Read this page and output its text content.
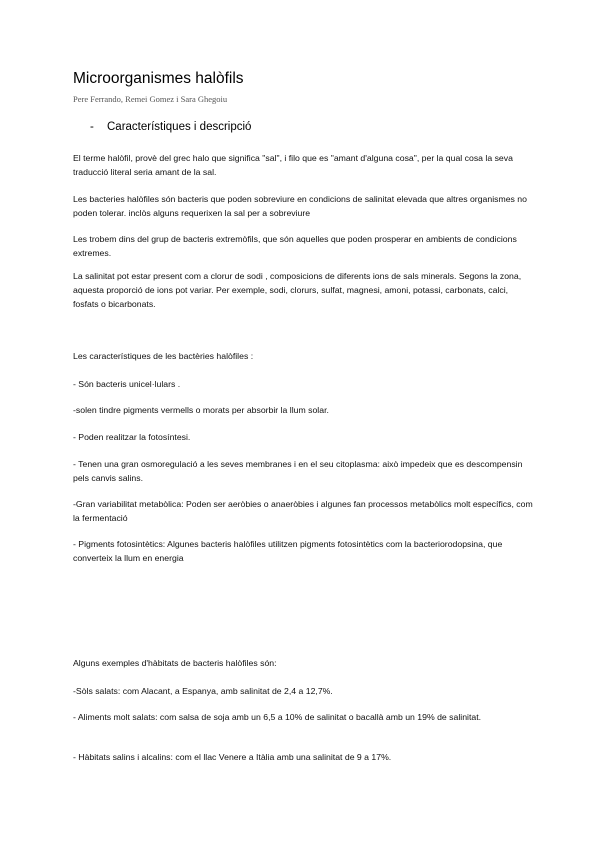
Microorganismes halòfils
Pere Ferrando, Remei Gomez i Sara Ghegoiu
- Característiques i descripció
El terme halòfil, provè del grec halo que significa "sal", i filo que es "amant d'alguna cosa", per la qual cosa la seva traducció literal seria amant de la sal.
Les bacteries halòfiles són bacteris que poden sobreviure en condicions de salinitat elevada que altres organismes no poden tolerar. inclòs alguns requerixen la sal per a sobreviure
Les trobem dins del grup de bacteris extremòfils, que són aquelles que poden prosperar en ambients de condicions extremes.
La salinitat pot estar present com a clorur de sodi , composicions de diferents ions de sals minerals. Segons la zona, aquesta proporció de ions pot variar. Per exemple, sodi, clorurs, sulfat, magnesi, amoni, potassi, carbonats, calci, fosfats o bicarbonats.
Les característiques de les bactèries halòfiles :
- Són bacteris unicel·lulars .
-solen tindre pigments vermells o morats per absorbir la llum solar.
- Poden realitzar la fotosíntesi.
- Tenen una gran osmoregulació a les seves membranes i en el seu citoplasma: això impedeix que es descompensin pels canvis salins.
-Gran variabilitat metabòlica: Poden ser aeròbies o anaeròbies i algunes fan processos metabòlics molt específics, com la fermentació
- Pigments fotosintètics: Algunes bacteris halòfiles utilitzen pigments fotosintètics com la bacteriorodopsina, que converteix la llum en energia
Alguns exemples d'hàbitats de bacteris halòfiles són:
-Sòls salats: com Alacant, a Espanya, amb salinitat de 2,4 a 12,7%.
- Aliments molt salats: com salsa de soja amb un 6,5 a 10% de salinitat o bacallà amb un 19% de salinitat.
- Hàbitats salins i alcalins: com el llac Venere a Itàlia amb una salinitat de 9 a 17%.
